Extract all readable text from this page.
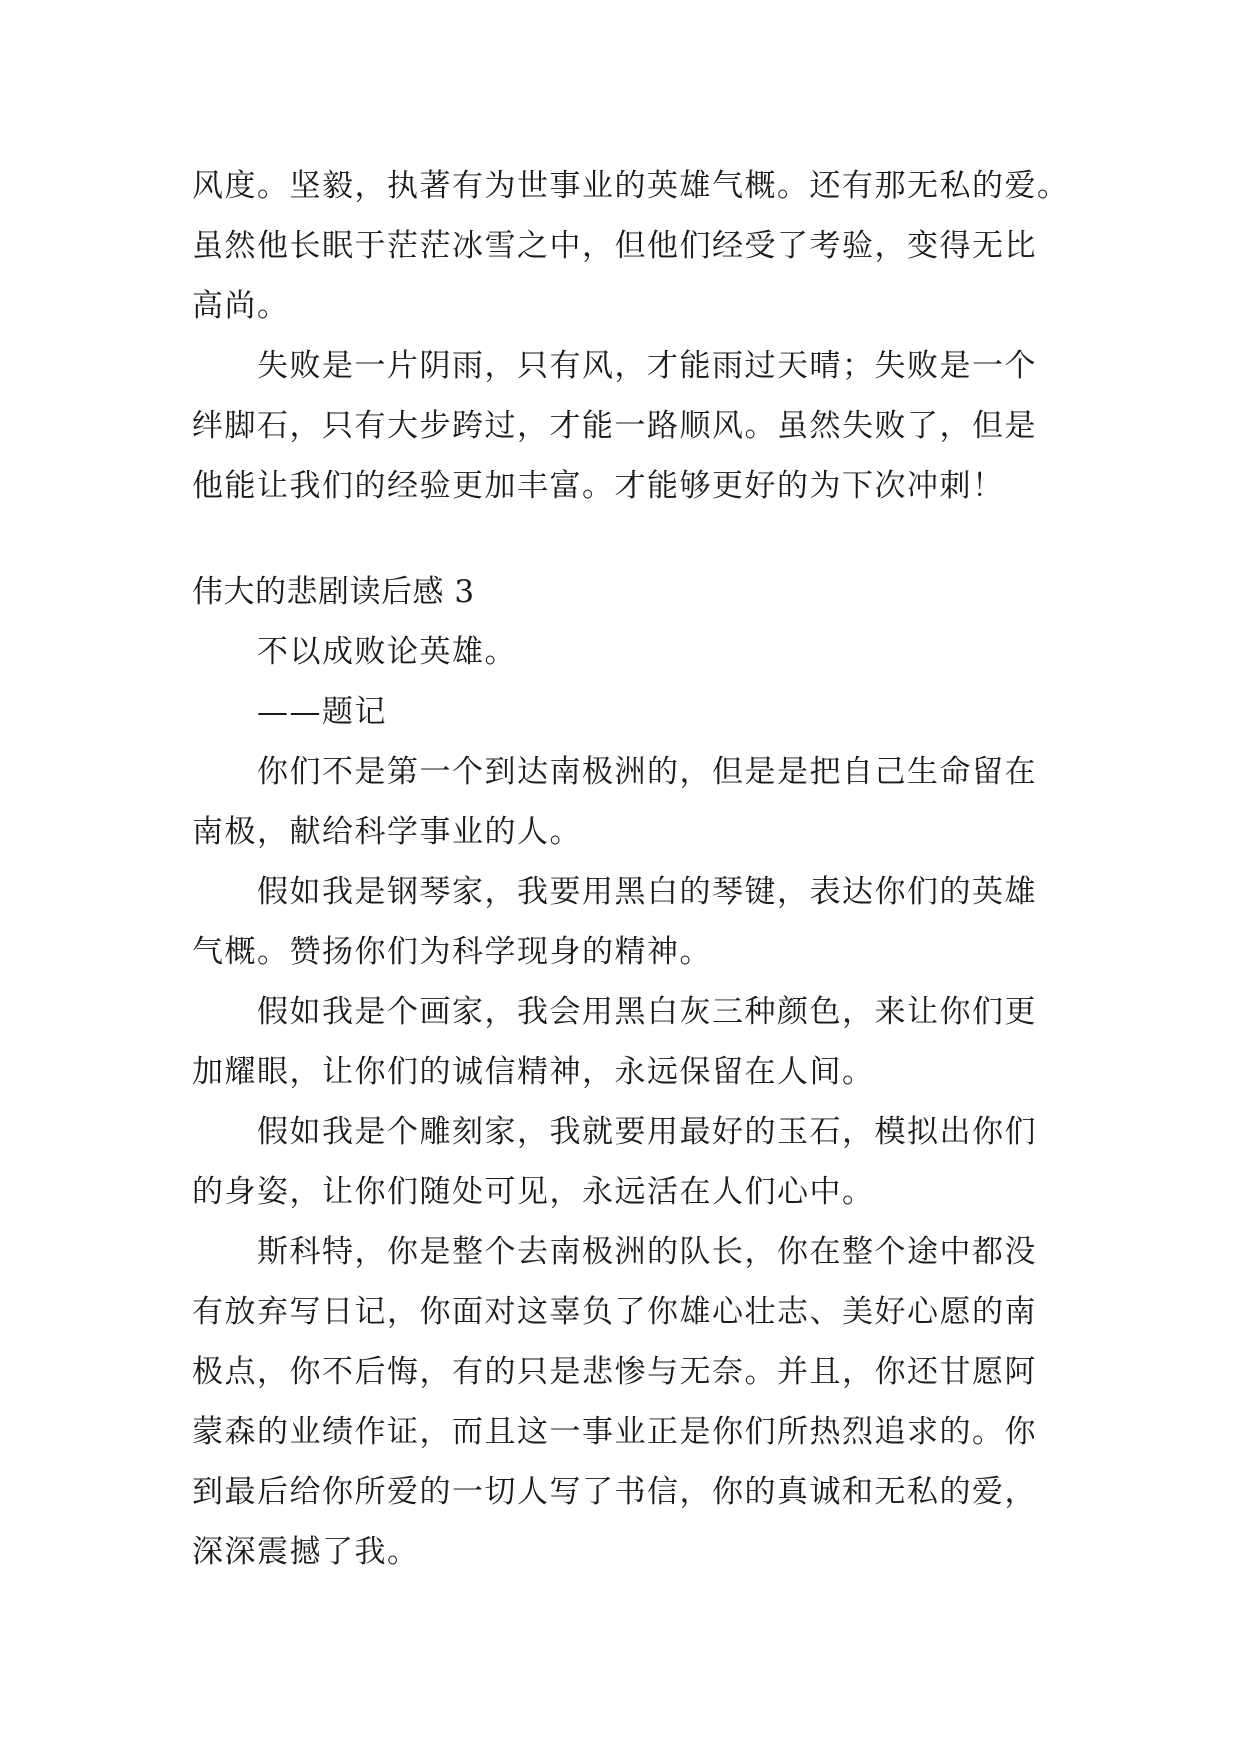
风度。坚毅，执著有为世事业的英雄气概。还有那无私的爱。
虽然他长眠于茫茫冰雪之中，但他们经受了考验，变得无比
高尚。
失败是一片阴雨，只有风，才能雨过天晴；失败是一个
绊脚石，只有大步跨过，才能一路顺风。虽然失败了，但是
他能让我们的经验更加丰富。才能够更好的为下次冲刺！
伟大的悲剧读后感 3
不以成败论英雄。
——题记
你们不是第一个到达南极洲的，但是是把自己生命留在
南极，献给科学事业的人。
假如我是钢琴家，我要用黑白的琴键，表达你们的英雄
气概。赞扬你们为科学现身的精神。
假如我是个画家，我会用黑白灰三种颜色，来让你们更
加耀眼，让你们的诚信精神，永远保留在人间。
假如我是个雕刻家，我就要用最好的玉石，模拟出你们
的身姿，让你们随处可见，永远活在人们心中。
斯科特，你是整个去南极洲的队长，你在整个途中都没
有放弃写日记，你面对这辜负了你雄心壮志、美好心愿的南
极点，你不后悔，有的只是悲惨与无奈。并且，你还甘愿阿
蒙森的业绩作证，而且这一事业正是你们所热烈追求的。你
到最后给你所爱的一切人写了书信，你的真诚和无私的爱，
深深震撼了我。
